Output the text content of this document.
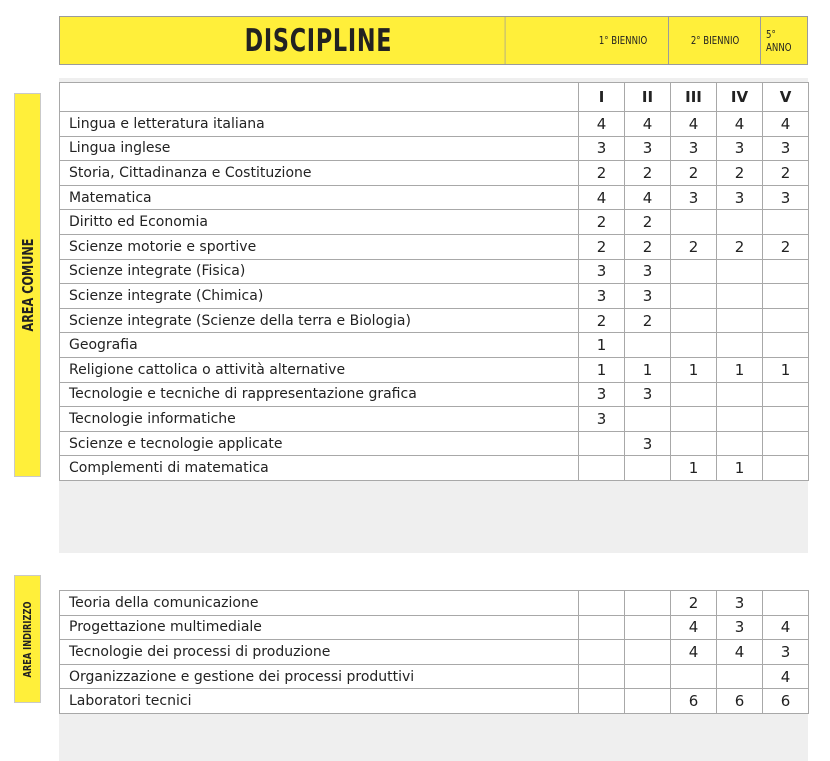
DISCIPLINE	1° BIENNIO	2° BIENNIO 5° ANNO
AREA COMUNE
AREA INDIRIZZO
	I	II	III	IV	V
Lingua e letteratura italiana	4	4	4	4	4
Lingua inglese	3	3	3	3	3
Storia, Cittadinanza e Costituzione	2	2	2	2	2
Matematica	4	4	3	3	3
Diritto ed Economia	2	2			
Scienze motorie e sportive	2	2	2	2	2
Scienze integrate (Fisica)	3	3			
Scienze integrate (Chimica)	3	3			
Scienze integrate (Scienze della terra e Biologia)	2	2			
Geografia	1				
Religione cattolica o attività alternative	1	1	1	1	1
Tecnologie e tecniche di rappresentazione grafica	3	3			
Tecnologie informatiche	3				
Scienze e tecnologie applicate		3			
Complementi di matematica			1	1	
Teoria della comunicazione			2	3	
Progettazione multimediale			4	3	4
Tecnologie dei processi di produzione			4	4	3
Organizzazione e gestione dei processi produttivi					4
Laboratori tecnici			6	6	6
